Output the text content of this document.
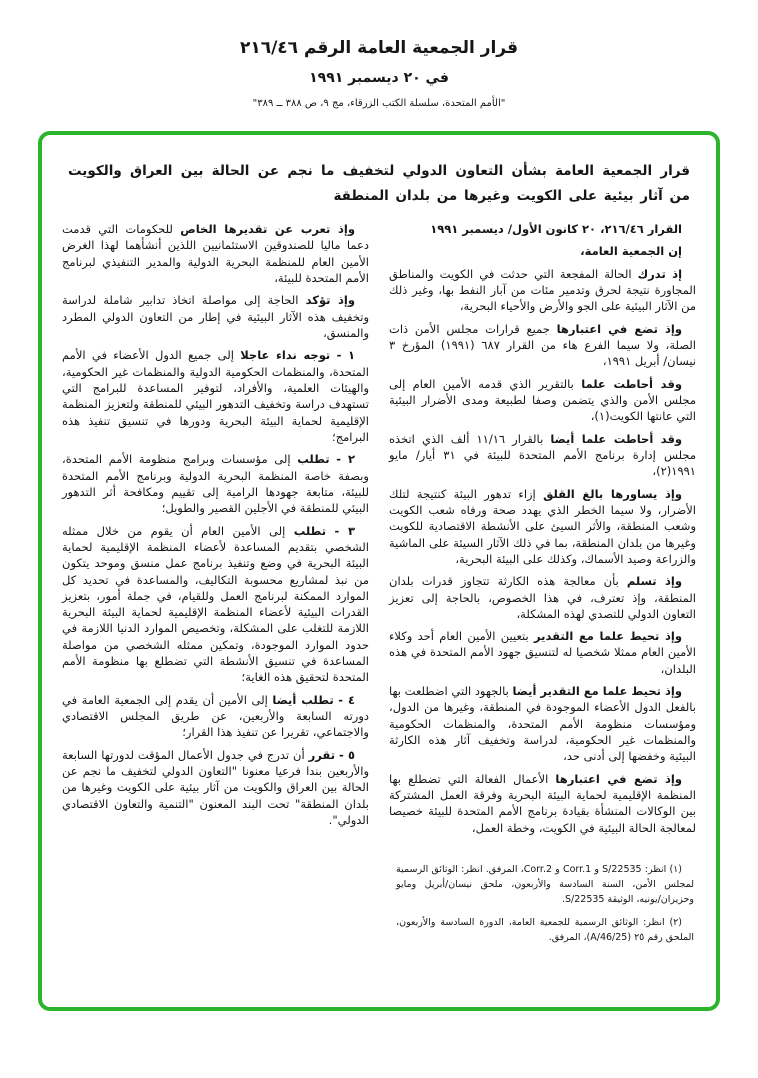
قرار الجمعية العامة الرقم ٢١٦/٤٦
في ٢٠ ديسمبر ١٩٩١
"الأمم المتحدة، سلسلة الكتب الزرقاء، مج ٩، ص ٣٨٨ ــ ٣٨٩"
قرار الجمعية العامة بشأن التعاون الدولي لتخفيف ما نجم عن الحالة بين العراق والكويت من آثار بيئية على الكويت وغيرها من بلدان المنطقة

القرار ٢١٦/٤٦، ٢٠ كانون الأول/ ديسمبر ١٩٩١

إن الجمعية العامة،

إذ تدرك الحالة المفجعة التي حدثت في الكويت والمناطق المجاورة نتيجة لحرق وتدمير مئات من آبار النفط بها، وغير ذلك من الآثار البيئية على الجو والأرض والأحياء البحرية،

وإذ تضع في اعتبارها جميع قرارات مجلس الأمن ذات الصلة، ولا سيما الفرع هاء من القرار ٦٨٧ (١٩٩١) المؤرخ ٣ نيسان/ أبريل ١٩٩١،

وقد أحاطت علما بالتقرير الذي قدمه الأمين العام إلى مجلس الأمن والذي يتضمن وصفا لطبيعة ومدى الأضرار البيئية التي عانتها الكويت(١)،

وقد أحاطت علما أيضا بالقرار ١١/١٦ ألف الذي اتخذه مجلس إدارة برنامج الأمم المتحدة للبيئة في ٣١ أيار/ مايو ١٩٩١(٢)،

وإذ يساورها بالغ القلق إزاء تدهور البيئة كنتيجة لتلك الأضرار، ولا سيما الخطر الذي يهدد صحة ورفاه شعب الكويت وشعب المنطقة، والأثر السيئ على الأنشطة الاقتصادية للكويت وغيرها من بلدان المنطقة، بما في ذلك الآثار السيئة على الماشية والزراعة وصيد الأسماك، وكذلك على البيئة البحرية،

وإذ تسلم بأن معالجة هذه الكارثة تتجاوز قدرات بلدان المنطقة، وإذ تعترف، في هذا الخصوص، بالحاجة إلى تعزيز التعاون الدولي للتصدي لهذه المشكلة،

وإذ تحيط علما مع التقدير بتعيين الأمين العام أحد وكلاء الأمين العام ممثلا شخصيا له لتنسيق جهود الأمم المتحدة في هذه البلدان،

وإذ تحيط علما مع التقدير أيضا بالجهود التي اضطلعت بها بالفعل الدول الأعضاء الموجودة في المنطقة، وغيرها من الدول، ومؤسسات منظومة الأمم المتحدة، والمنظمات الحكومية والمنظمات غير الحكومية، لدراسة وتخفيف آثار هذه الكارثة البيئية وخفضها إلى أدنى حد،

وإذ تضع في اعتبارها الأعمال الفعالة التي تضطلع بها المنظمة الإقليمية لحماية البيئة البحرية وفرقة العمل المشتركة بين الوكالات المنشأة بقيادة برنامج الأمم المتحدة للبيئة خصيصا لمعالجة الحالة البيئية في الكويت، وخطة العمل،

وإذ تعرب عن تقديرها الخاص للحكومات التي قدمت دعما ماليا للصندوقين الاستئمانيين اللذين أنشأهما لهذا الغرض الأمين العام للمنظمة البحرية الدولية والمدير التنفيذي لبرنامج الأمم المتحدة للبيئة،

وإذ تؤكد الحاجة إلى مواصلة اتخاذ تدابير شاملة لدراسة وتخفيف هذه الآثار البيئية في إطار من التعاون الدولي المطرد والمنسق،

١ - توجه نداء عاجلا إلى جميع الدول الأعضاء في الأمم المتحدة، والمنظمات الحكومية الدولية والمنظمات غير الحكومية، والهيئات العلمية، والأفراد، لتوفير المساعدة للبرامج التي تستهدف دراسة وتخفيف التدهور البيئي للمنطقة ولتعزيز المنظمة الإقليمية لحماية البيئة البحرية ودورها في تنسيق تنفيذ هذه البرامج؛

٢ - تطلب إلى مؤسسات وبرامج منظومة الأمم المتحدة، وبصفة خاصة المنظمة البحرية الدولية وبرنامج الأمم المتحدة للبيئة، متابعة جهودها الرامية إلى تقييم ومكافحة أثر التدهور البيئي للمنطقة في الأجلين القصير والطويل؛

٣ - تطلب إلى الأمين العام أن يقوم من خلال ممثله الشخصي بتقديم المساعدة لأعضاء المنظمة الإقليمية لحماية البيئة البحرية في وضع وتنفيذ برنامج عمل منسق وموحد يتكون من نبذ لمشاريع محسوبة التكاليف، والمساعدة في تحديد كل الموارد الممكنة لبرنامج العمل وللقيام، في جملة أمور، بتعزيز القدرات البيئية لأعضاء المنظمة الإقليمية لحماية البيئة البحرية اللازمة للتغلب على المشكلة، وتخصيص الموارد الدنيا اللازمة في حدود الموارد الموجودة، وتمكين ممثله الشخصي من مواصلة المساعدة في تنسيق الأنشطة التي تضطلع بها منظومة الأمم المتحدة لتحقيق هذه الغاية؛

٤ - تطلب أيضا إلى الأمين أن يقدم إلى الجمعية العامة في دورته السابعة والأربعين، عن طريق المجلس الاقتصادي والاجتماعي، تقريرا عن تنفيذ هذا القرار؛

٥ - تقرر أن تدرج في جدول الأعمال المؤقت لدورتها السابعة والأربعين بندا فرعيا معنونا "التعاون الدولي لتخفيف ما نجم عن الحالة بين العراق والكويت من آثار بيئية على الكويت وغيرها من بلدان المنطقة" تحت البند المعنون "التنمية والتعاون الاقتصادي الدولي".

(١) انظر: S/22535 و Corr.1 و Corr.2، المرفق. انظر: الوثائق الرسمية لمجلس الأمن، السنة السادسة والأربعون، ملحق نيسان/أبريل ومايو وحزيران/يونيه، الوثيقة S/22535.

(٢) انظر: الوثائق الرسمية للجمعية العامة، الدورة السادسة والأربعون، الملحق رقم ٢٥ (A/46/25)، المرفق.
